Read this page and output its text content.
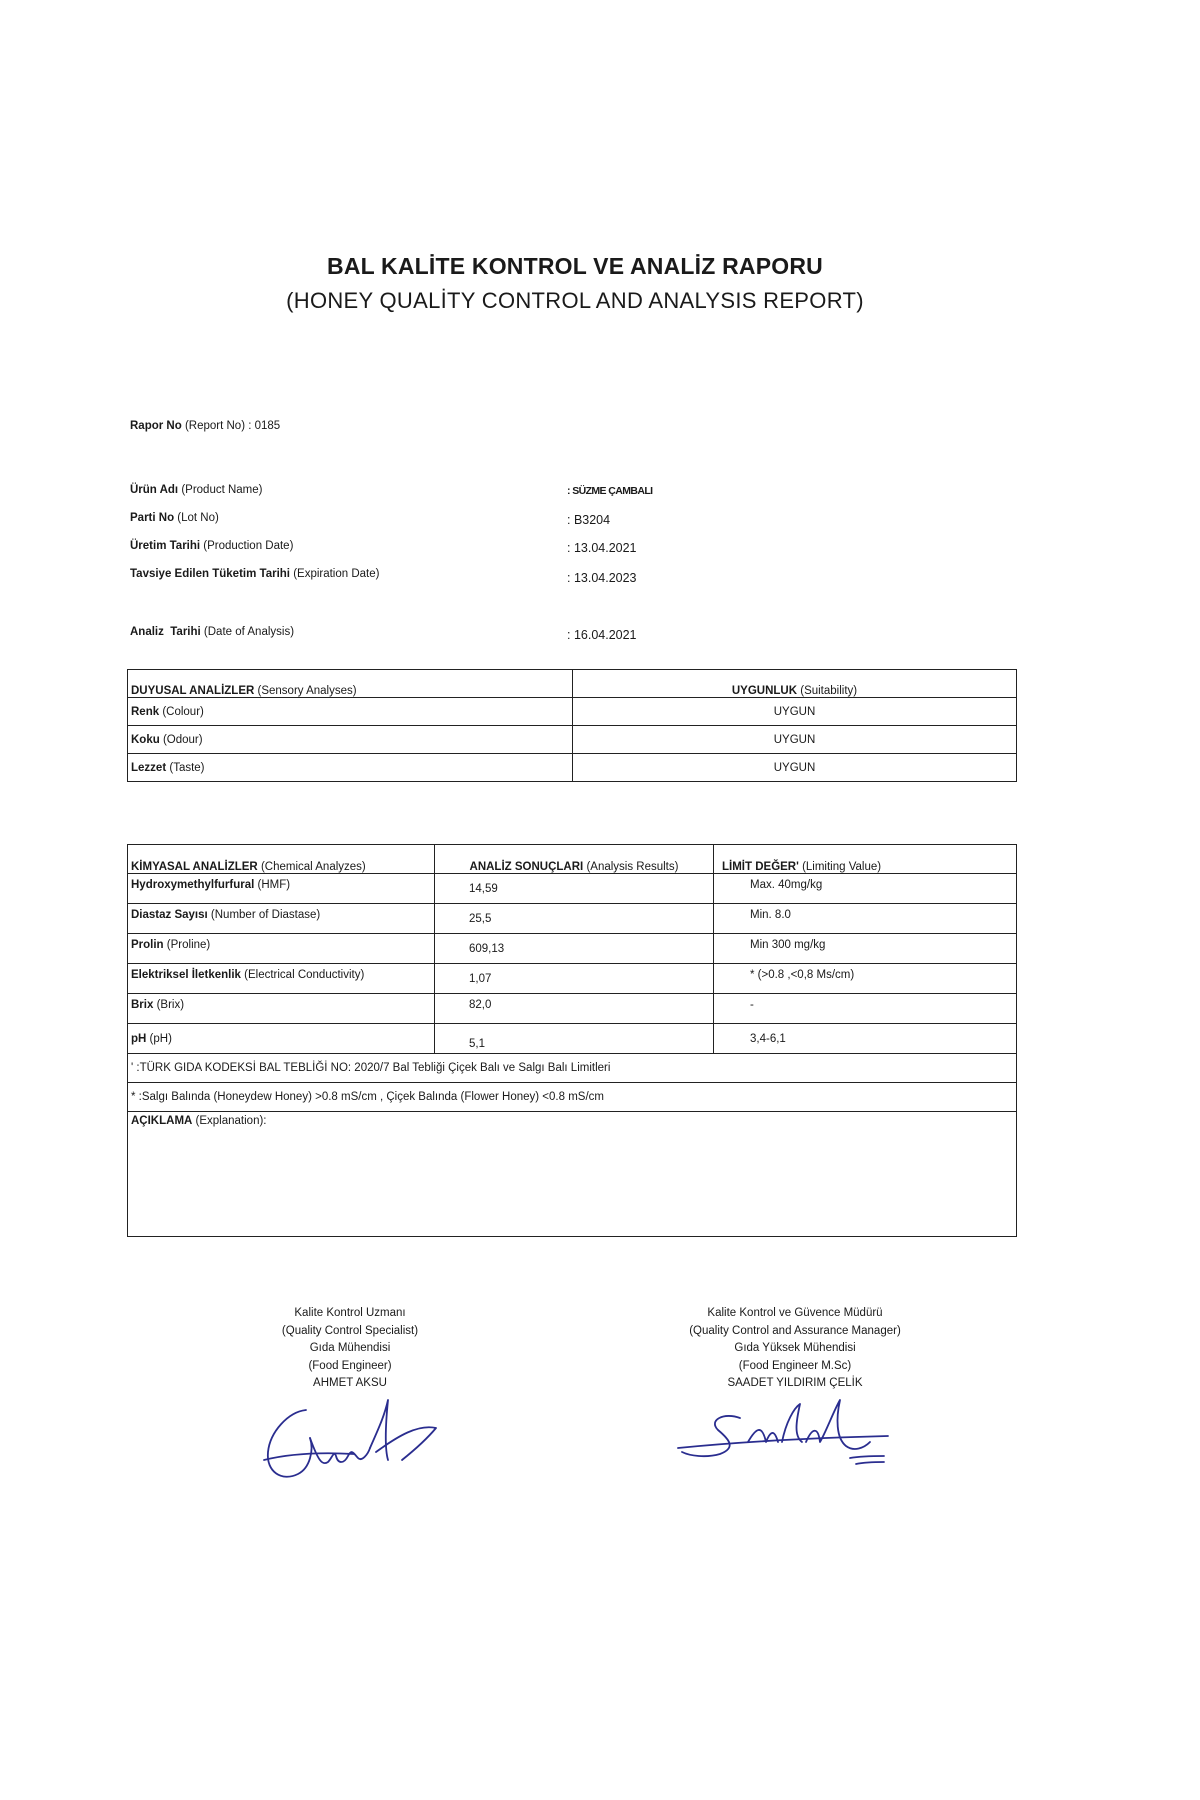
BAL KALİTE KONTROL VE ANALİZ RAPORU
(HONEY QUALİTY CONTROL AND ANALYSIS REPORT)
Rapor No (Report No) : 0185
Ürün Adı (Product Name)	: SÜZME ÇAMBALI
Parti No (Lot No)	: B3204
Üretim Tarihi (Production Date)	: 13.04.2021
Tavsiye Edilen Tüketim Tarihi (Expiration Date)	: 13.04.2023
Analiz  Tarihi (Date of Analysis)	: 16.04.2021
DUYUSAL ANALİZLER (Sensory Analyses)	UYGUNLUK (Suitability)
Renk (Colour)	UYGUN
Koku (Odour)	UYGUN
Lezzet (Taste)	UYGUN
KİMYASAL ANALİZLER (Chemical Analyzes)	ANALİZ SONUÇLARI (Analysis Results)	LİMİT DEĞER' (Limiting Value)
Hydroxymethylfurfural (HMF)	14,59	Max. 40mg/kg
Diastaz Sayısı (Number of Diastase)	25,5	Min. 8.0
Prolin (Proline)	609,13	Min 300 mg/kg
Elektriksel İletkenlik (Electrical Conductivity)	1,07	* (>0.8 ,<0,8 Ms/cm)
Brix (Brix)	82,0	-
pH (pH)	5,1	3,4-6,1
' :TÜRK GIDA KODEKSİ BAL TEBLİĞİ NO: 2020/7 Bal Tebliği Çiçek Balı ve Salgı Balı Limitleri		
* :Salgı Balında (Honeydew Honey) >0.8 mS/cm , Çiçek Balında (Flower Honey) <0.8 mS/cm		
AÇIKLAMA (Explanation):		
Kalite Kontrol Uzmanı
(Quality Control Specialist)
Gıda Mühendisi
(Food Engineer)
AHMET AKSU
Kalite Kontrol ve Güvence Müdürü
(Quality Control and Assurance Manager)
Gıda Yüksek Mühendisi
(Food Engineer M.Sc)
SAADET YILDIRIM ÇELİK
